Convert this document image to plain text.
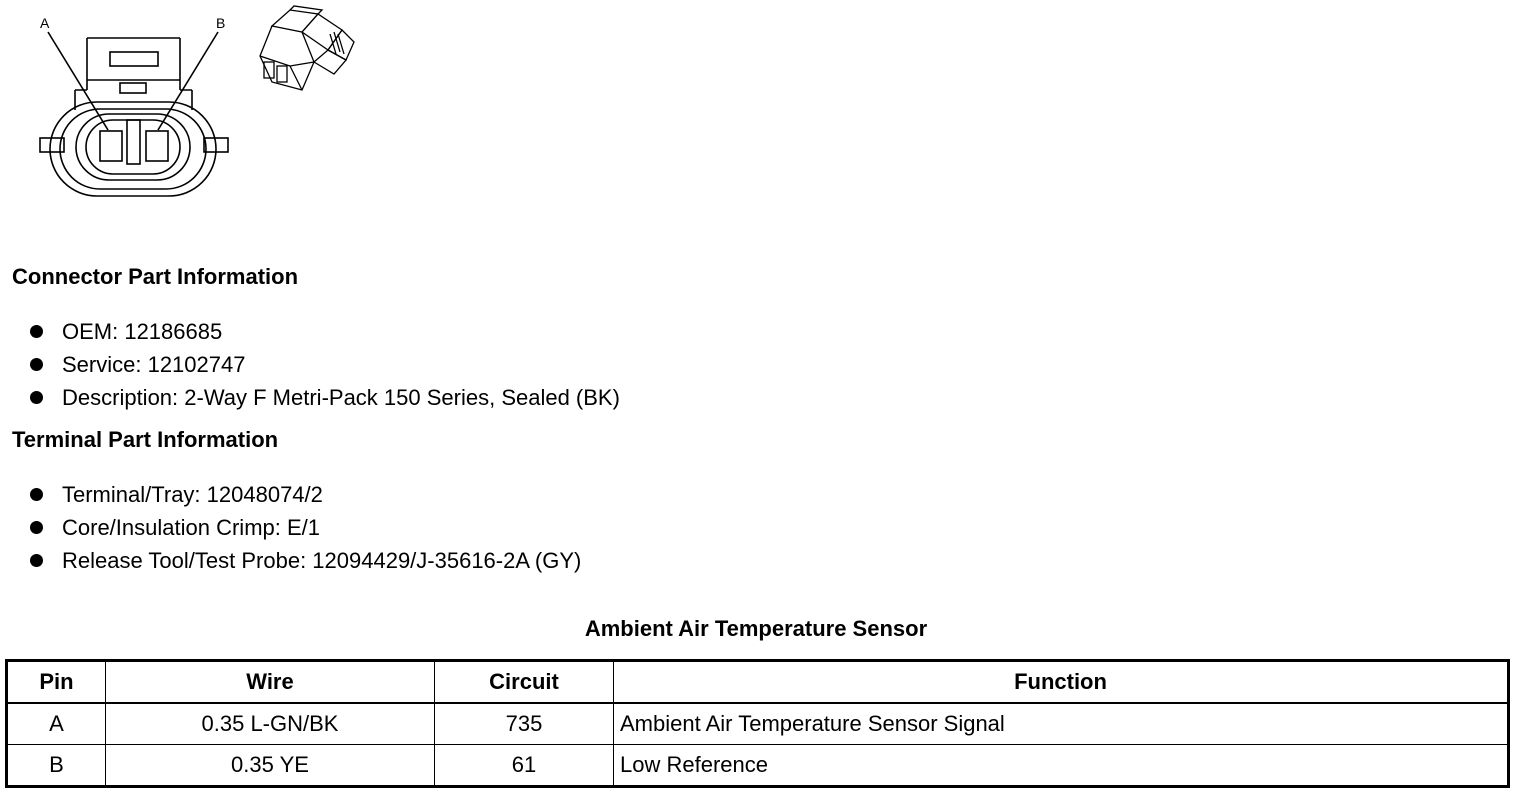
A	B
Connector Part Information
OEM: 12186685
Service: 12102747
Description: 2-Way F Metri-Pack 150 Series, Sealed (BK)
Terminal Part Information
Terminal/Tray: 12048074/2
Core/Insulation Crimp: E/1
Release Tool/Test Probe: 12094429/J-35616-2A (GY)
Ambient Air Temperature Sensor
Pin	Wire	Circuit	Function
A	0.35 L-GN/BK	735	Ambient Air Temperature Sensor Signal
B	0.35 YE	61	Low Reference
